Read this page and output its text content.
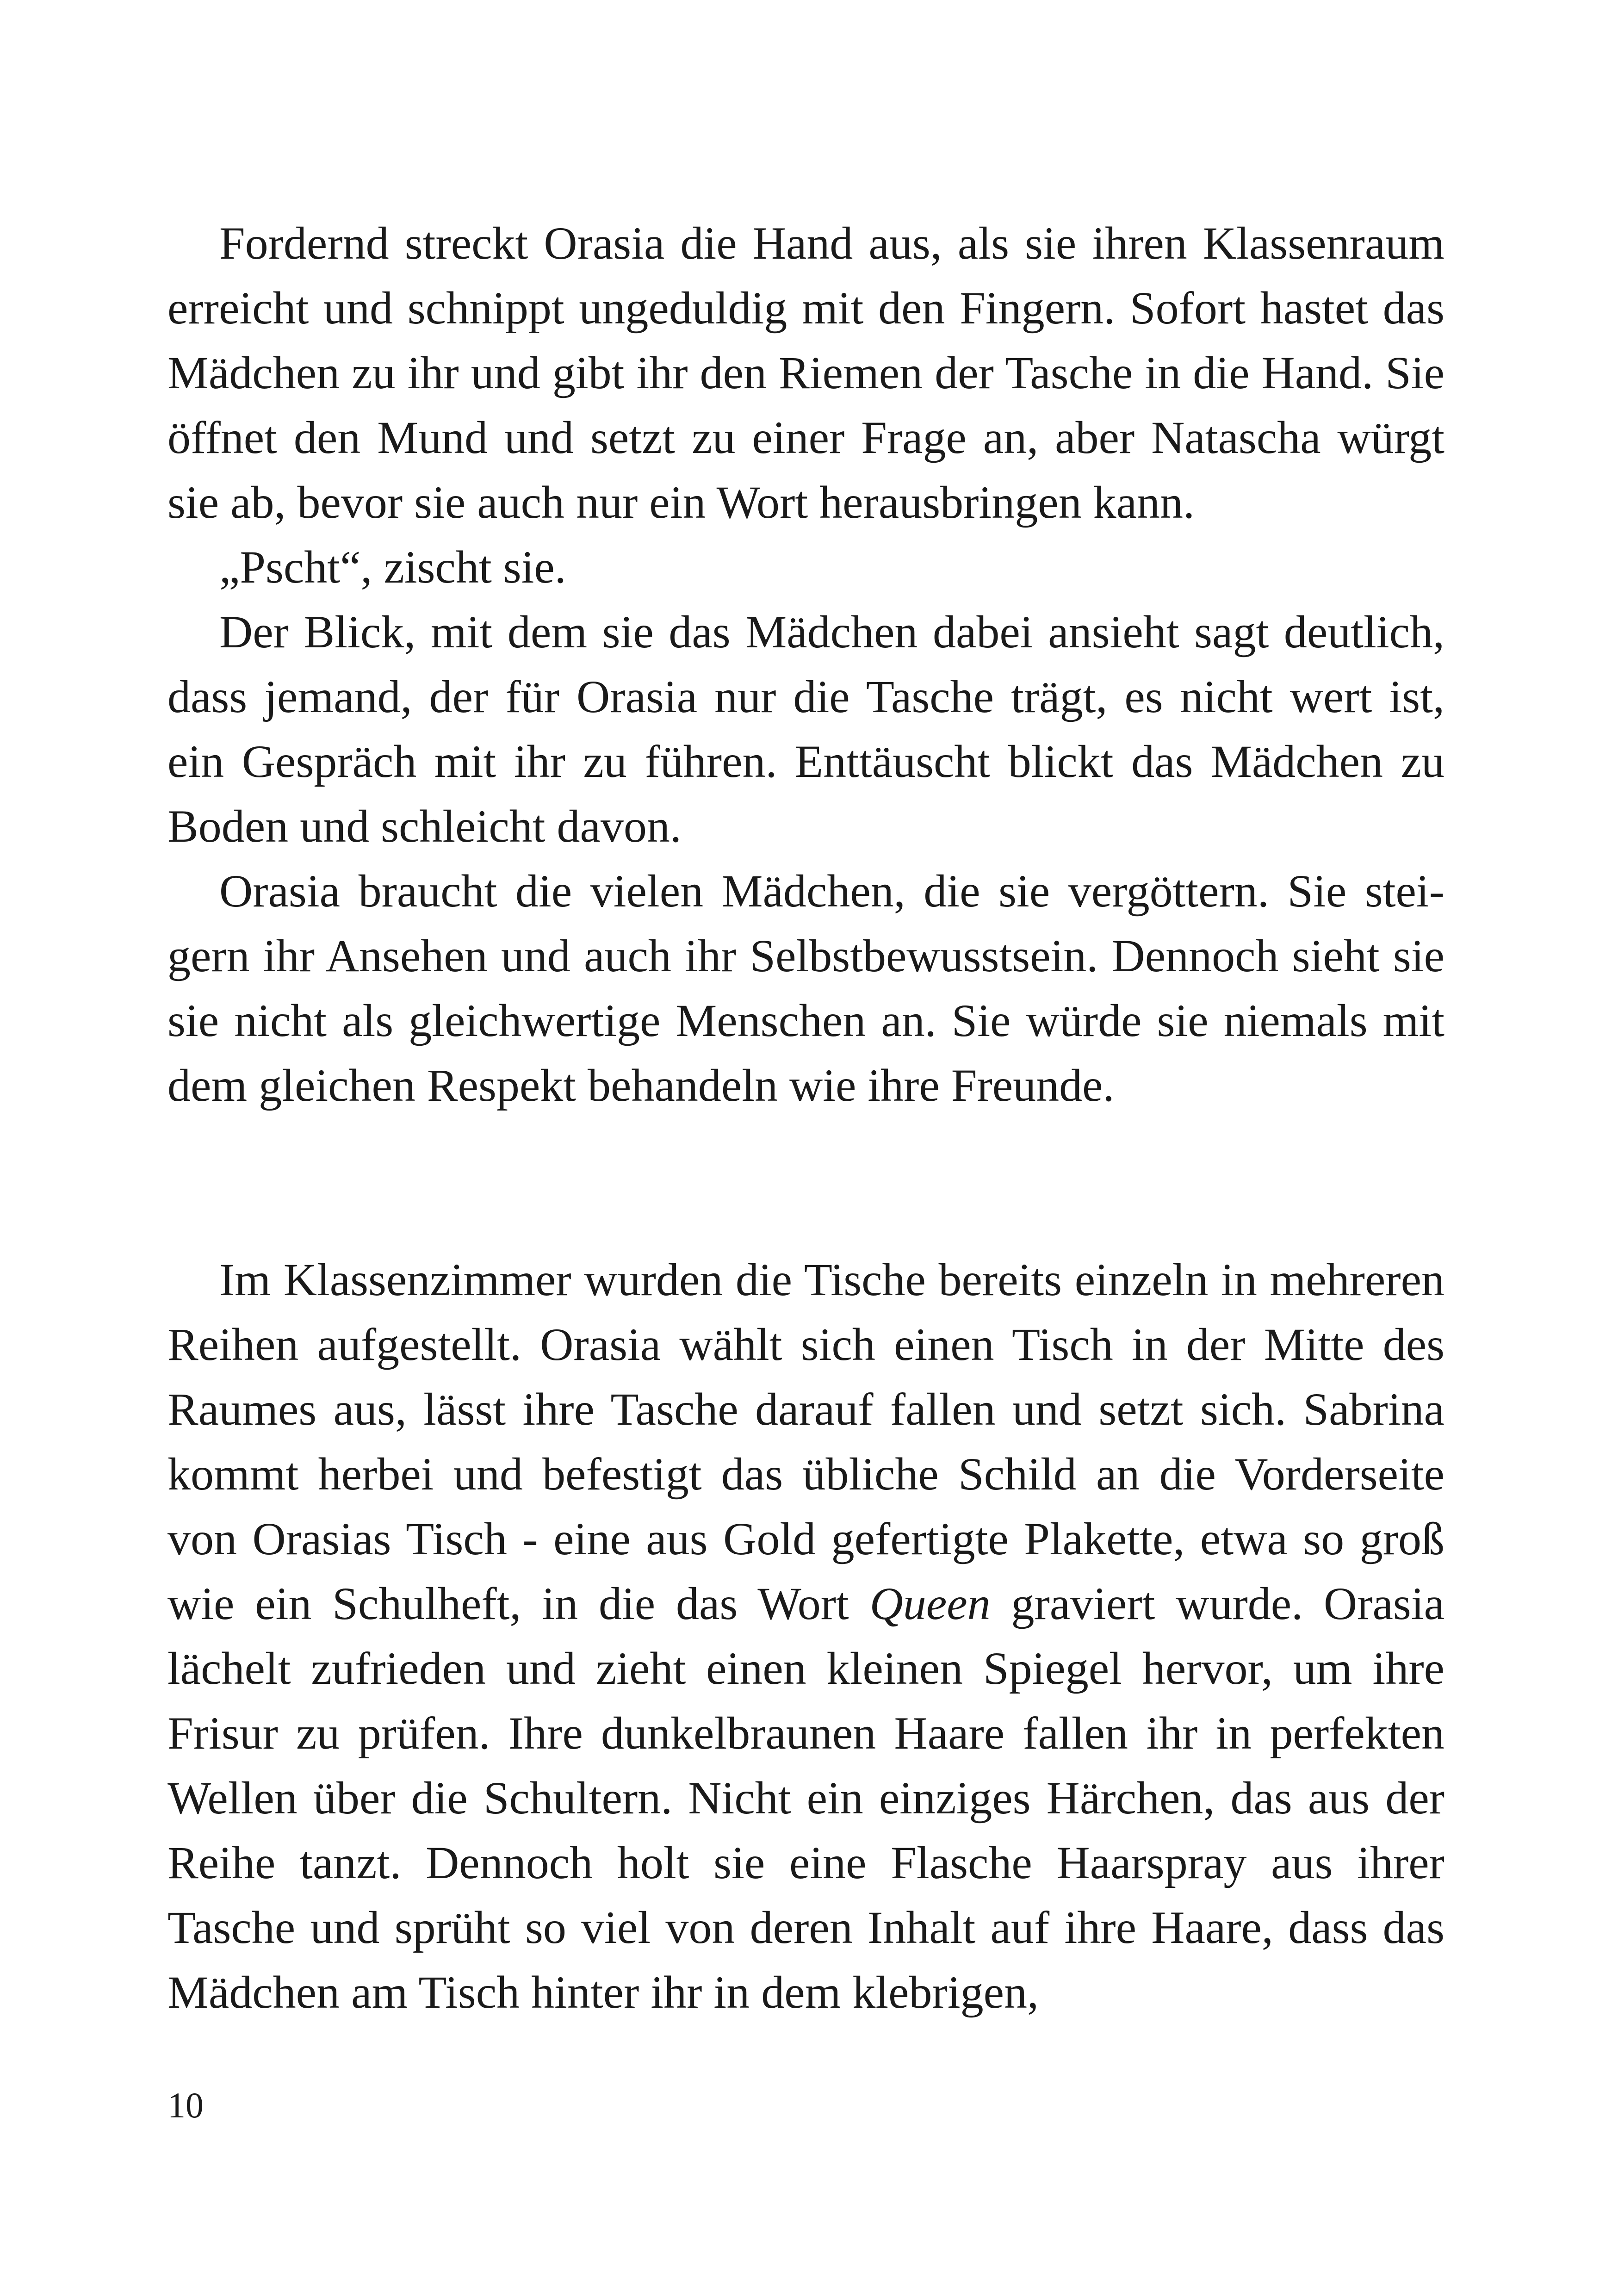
Fordernd streckt Orasia die Hand aus, als sie ihren Klassenraum erreicht und schnippt ungeduldig mit den Fingern. Sofort hastet das Mädchen zu ihr und gibt ihr den Riemen der Tasche in die Hand. Sie öffnet den Mund und setzt zu einer Frage an, aber Natascha würgt sie ab, bevor sie auch nur ein Wort herausbringen kann.

„Pscht“, zischt sie.

Der Blick, mit dem sie das Mädchen dabei ansieht sagt deutlich, dass jemand, der für Orasia nur die Tasche trägt, es nicht wert ist, ein Gespräch mit ihr zu führen. Enttäuscht blickt das Mädchen zu Boden und schleicht davon.

Orasia braucht die vielen Mädchen, die sie vergöttern. Sie steigern ihr Ansehen und auch ihr Selbstbewusstsein. Dennoch sieht sie sie nicht als gleichwertige Menschen an. Sie würde sie niemals mit dem gleichen Respekt behandeln wie ihre Freunde.

Im Klassenzimmer wurden die Tische bereits einzeln in mehreren Reihen aufgestellt. Orasia wählt sich einen Tisch in der Mitte des Raumes aus, lässt ihre Tasche darauf fallen und setzt sich. Sabrina kommt herbei und befestigt das übliche Schild an die Vorderseite von Orasias Tisch - eine aus Gold gefertigte Plakette, etwa so groß wie ein Schulheft, in die das Wort Queen graviert wurde. Orasia lächelt zufrieden und zieht einen kleinen Spiegel hervor, um ihre Frisur zu prüfen. Ihre dunkelbraunen Haare fallen ihr in perfekten Wellen über die Schultern. Nicht ein einziges Härchen, das aus der Reihe tanzt. Dennoch holt sie eine Flasche Haarspray aus ihrer Tasche und sprüht so viel von deren Inhalt auf ihre Haare, dass das Mädchen am Tisch hinter ihr in dem klebrigen,

10
